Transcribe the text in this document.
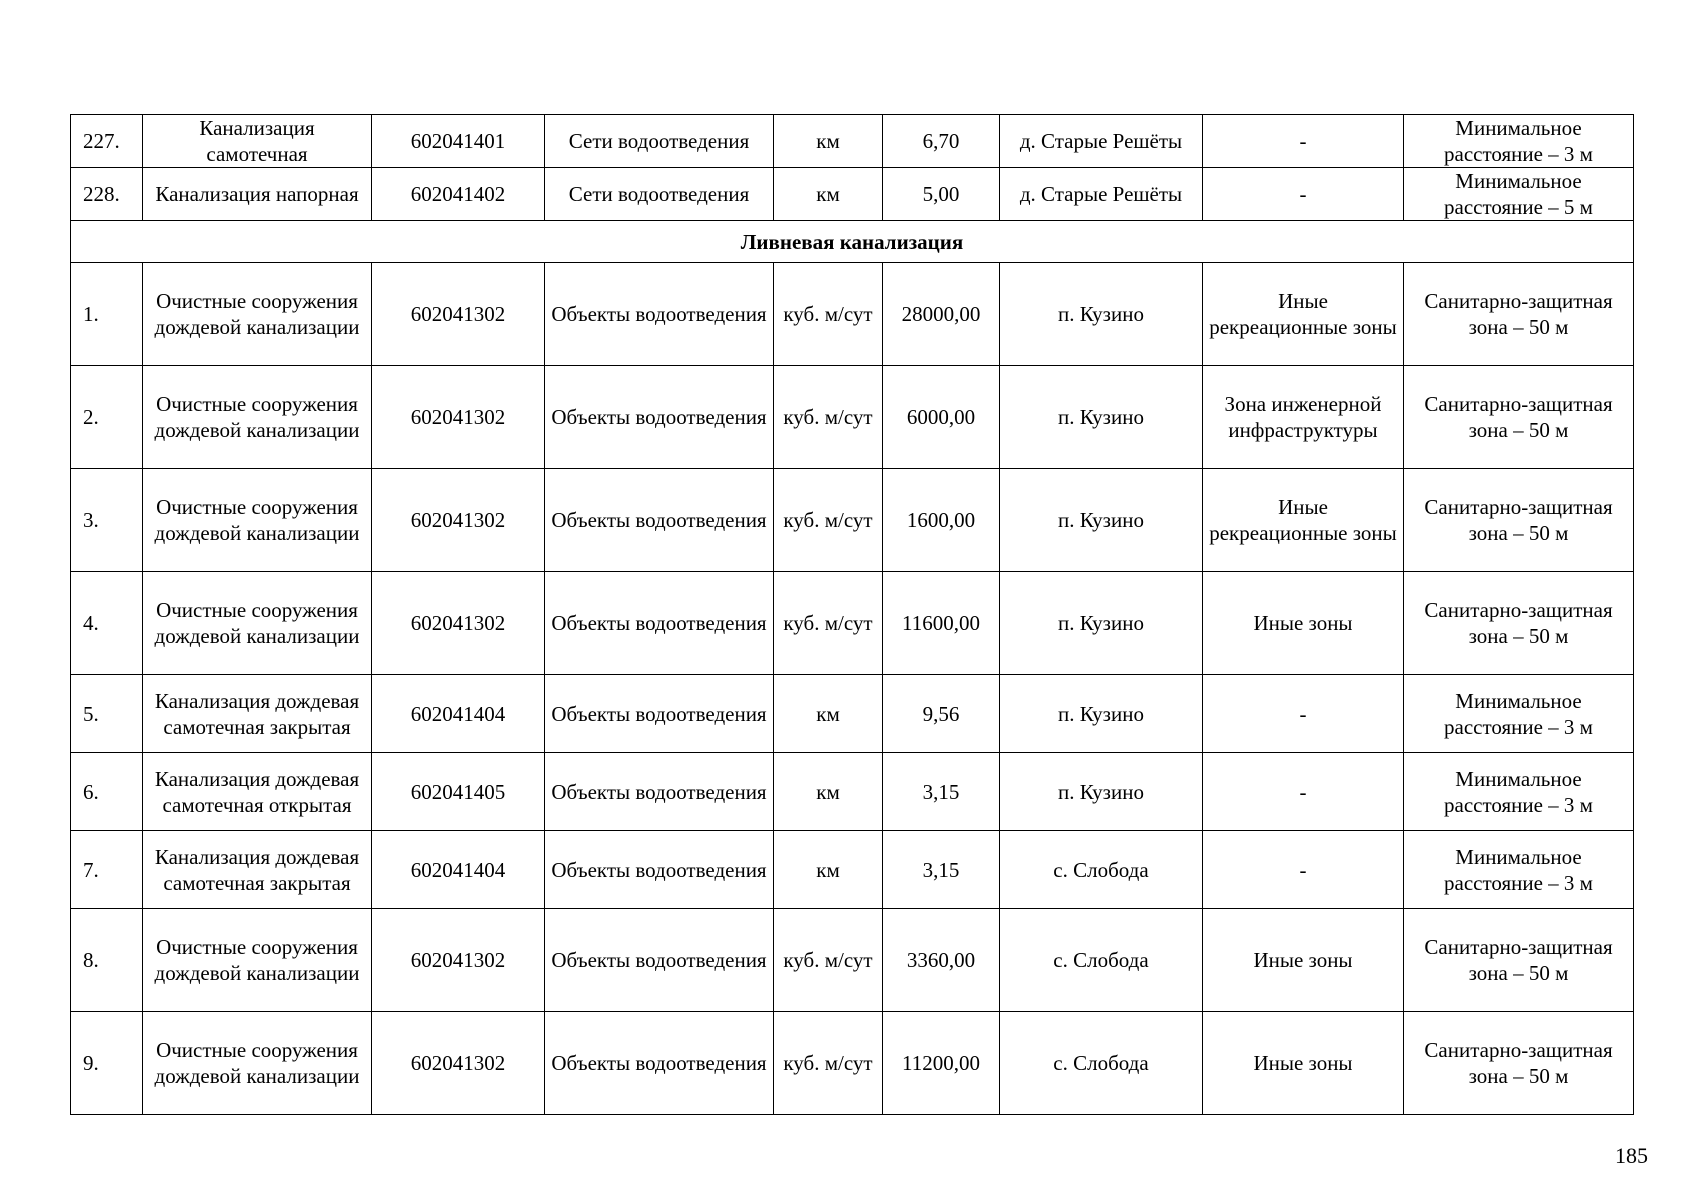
227.	Канализация самотечная	602041401	Сети водоотведения	км	6,70	д. Старые Решёты	-	Минимальное расстояние – 3 м
228.	Канализация напорная	602041402	Сети водоотведения	км	5,00	д. Старые Решёты	-	Минимальное расстояние – 5 м
Ливневая канализация								
1.	Очистные сооружения дождевой канализации	602041302	Объекты водоотведения	куб. м/сут	28000,00	п. Кузино	Иные рекреационные зоны	Санитарно-защитная зона – 50 м
2.	Очистные сооружения дождевой канализации	602041302	Объекты водоотведения	куб. м/сут	6000,00	п. Кузино	Зона инженерной инфраструктуры	Санитарно-защитная зона – 50 м
3.	Очистные сооружения дождевой канализации	602041302	Объекты водоотведения	куб. м/сут	1600,00	п. Кузино	Иные рекреационные зоны	Санитарно-защитная зона – 50 м
4.	Очистные сооружения дождевой канализации	602041302	Объекты водоотведения	куб. м/сут	11600,00	п. Кузино	Иные зоны	Санитарно-защитная зона – 50 м
5.	Канализация дождевая самотечная закрытая	602041404	Объекты водоотведения	км	9,56	п. Кузино	-	Минимальное расстояние – 3 м
6.	Канализация дождевая самотечная открытая	602041405	Объекты водоотведения	км	3,15	п. Кузино	-	Минимальное расстояние – 3 м
7.	Канализация дождевая самотечная закрытая	602041404	Объекты водоотведения	км	3,15	с. Слобода	-	Минимальное расстояние – 3 м
8.	Очистные сооружения дождевой канализации	602041302	Объекты водоотведения	куб. м/сут	3360,00	с. Слобода	Иные зоны	Санитарно-защитная зона – 50 м
9.	Очистные сооружения дождевой канализации	602041302	Объекты водоотведения	куб. м/сут	11200,00	с. Слобода	Иные зоны	Санитарно-защитная зона – 50 м
185
